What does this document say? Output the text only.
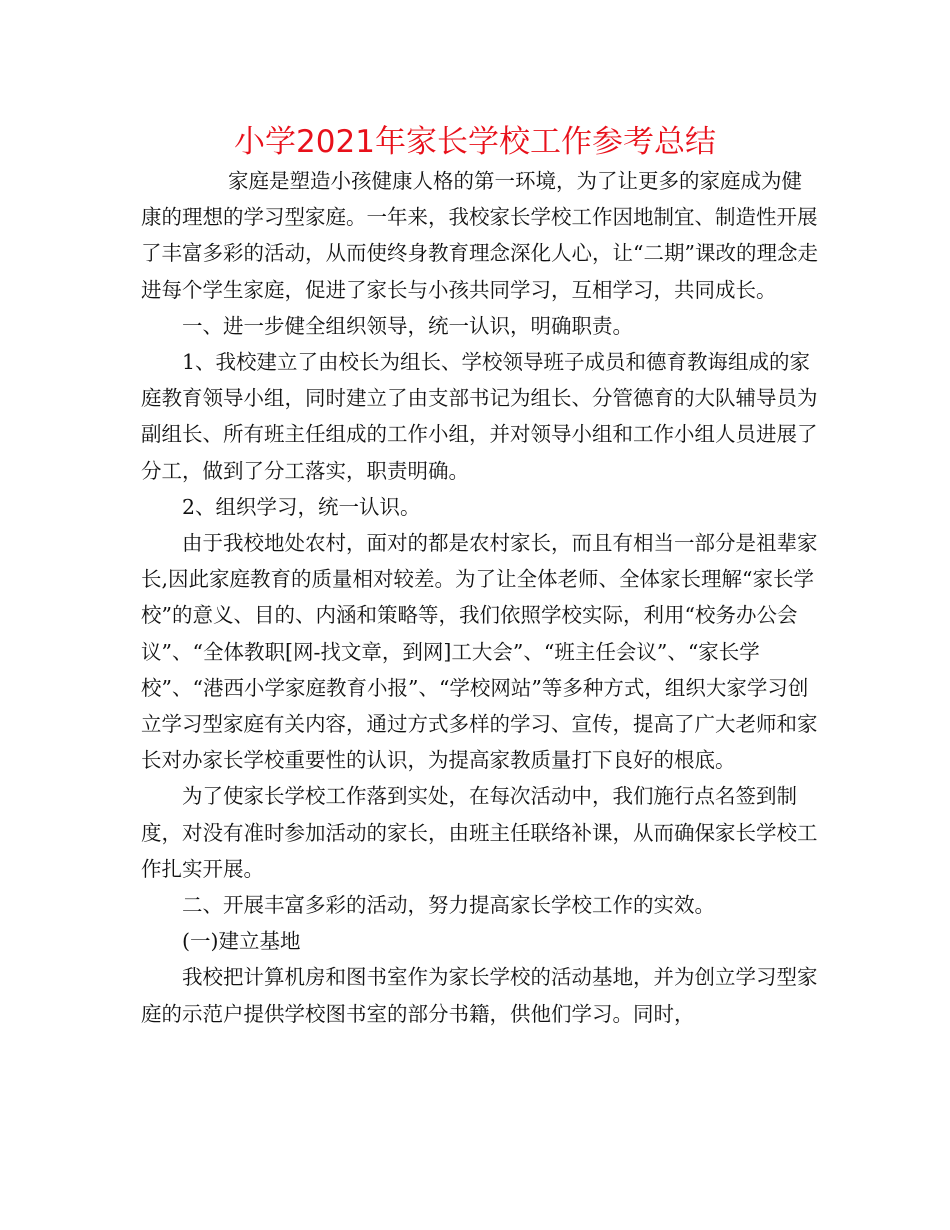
小学2021年家长学校工作参考总结

家庭是塑造小孩健康人格的第一环境，为了让更多的家庭成为健康的理想的学习型家庭。一年来，我校家长学校工作因地制宜、制造性开展了丰富多彩的活动，从而使终身教育理念深化人心，让“二期”课改的理念走进每个学生家庭，促进了家长与小孩共同学习，互相学习，共同成长。

一、进一步健全组织领导，统一认识，明确职责。

1、我校建立了由校长为组长、学校领导班子成员和德育教诲组成的家庭教育领导小组，同时建立了由支部书记为组长、分管德育的大队辅导员为副组长、所有班主任组成的工作小组，并对领导小组和工作小组人员进展了分工，做到了分工落实，职责明确。

2、组织学习，统一认识。

由于我校地处农村，面对的都是农村家长，而且有相当一部分是祖辈家长,因此家庭教育的质量相对较差。为了让全体老师、全体家长理解“家长学校”的意义、目的、内涵和策略等，我们依照学校实际，利用“校务办公会议”、“全体教职[网-找文章，到网]工大会”、“班主任会议”、“家长学校”、“港西小学家庭教育小报”、“学校网站”等多种方式，组织大家学习创立学习型家庭有关内容，通过方式多样的学习、宣传，提高了广大老师和家长对办家长学校重要性的认识，为提高家教质量打下良好的根底。

为了使家长学校工作落到实处，在每次活动中，我们施行点名签到制度，对没有准时参加活动的家长，由班主任联络补课，从而确保家长学校工作扎实开展。

二、开展丰富多彩的活动，努力提高家长学校工作的实效。

(一)建立基地

我校把计算机房和图书室作为家长学校的活动基地，并为创立学习型家庭的示范户提供学校图书室的部分书籍，供他们学习。同时，
